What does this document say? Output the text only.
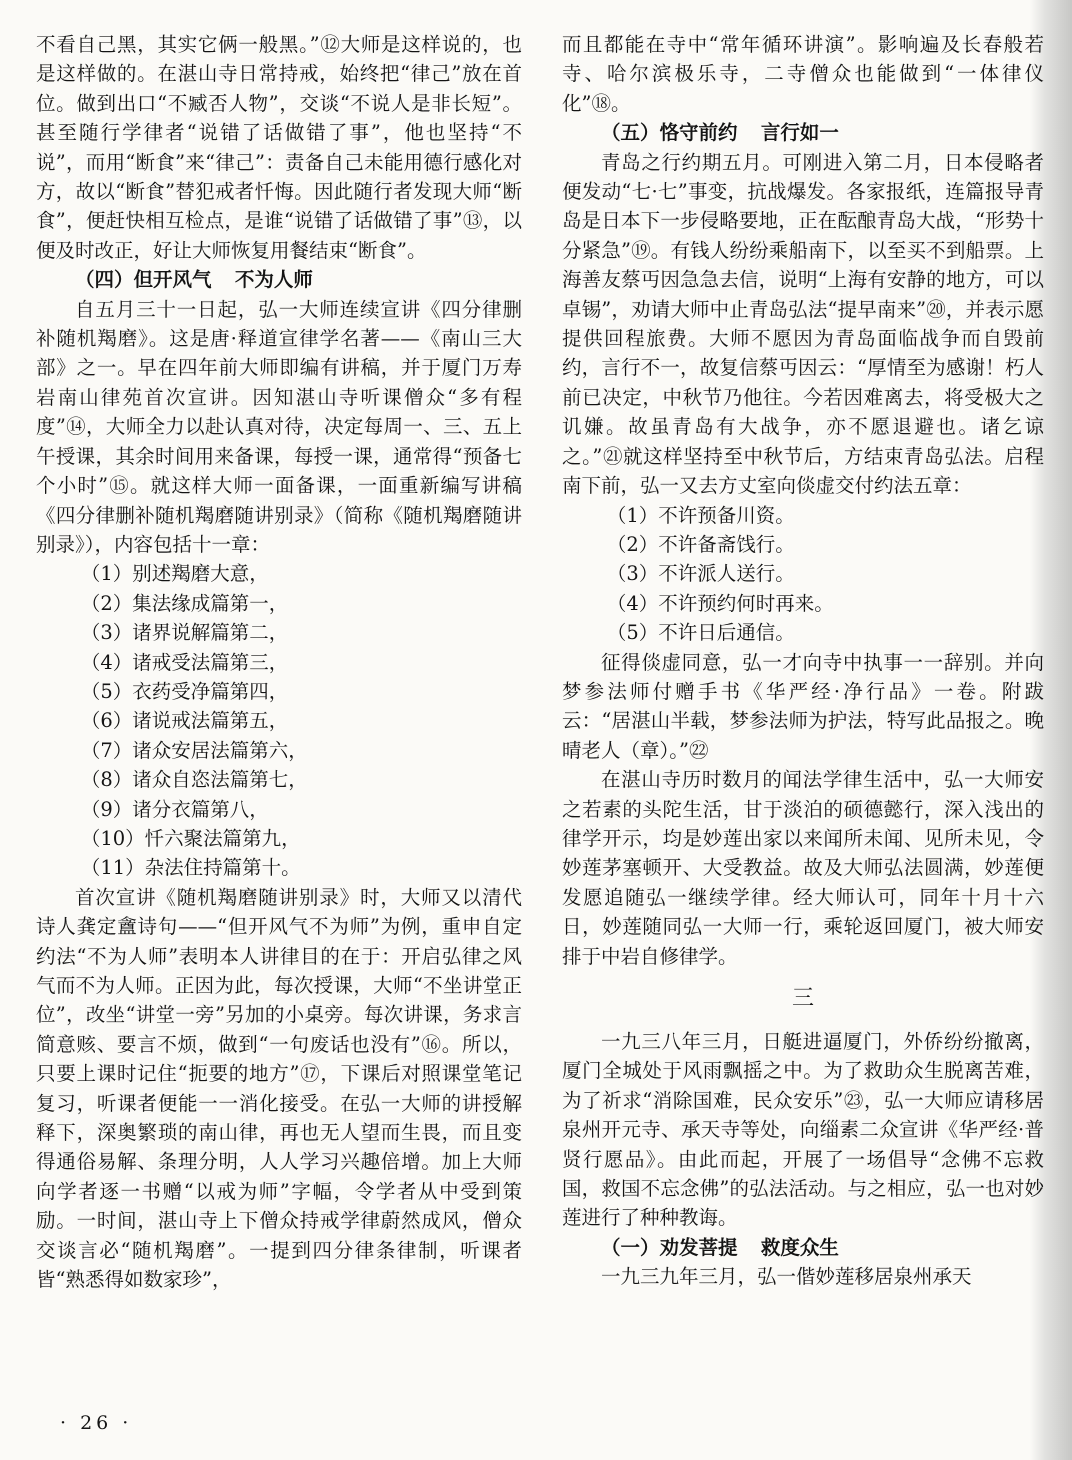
不看自己黑，其实它俩一般黑。”⑫大师是这样说的，也是这样做的。在湛山寺日常持戒，始终把“律己”放在首位。做到出口“不臧否人物”，交谈“不说人是非长短”。甚至随行学律者“说错了话做错了事”，他也坚持“不说”，而用“断食”来“律己”：责备自己未能用德行感化对方，故以“断食”替犯戒者忏悔。因此随行者发现大师“断食”，便赶快相互检点，是谁“说错了话做错了事”⑬，以便及时改正，好让大师恢复用餐结束“断食”。

（四）但开风气 不为人师

自五月三十一日起，弘一大师连续宣讲《四分律删补随机羯磨》。这是唐·释道宣律学名著——《南山三大部》之一。早在四年前大师即编有讲稿，并于厦门万寿岩南山律苑首次宣讲。因知湛山寺听课僧众“多有程度”⑭，大师全力以赴认真对待，决定每周一、三、五上午授课，其余时间用来备课，每授一课，通常得“预备七个小时”⑮。就这样大师一面备课，一面重新编写讲稿《四分律删补随机羯磨随讲别录》（简称《随机羯磨随讲别录》），内容包括十一章：

（1）别述羯磨大意，
（2）集法缘成篇第一，
（3）诸界说解篇第二，
（4）诸戒受法篇第三，
（5）衣药受净篇第四，
（6）诸说戒法篇第五，
（7）诸众安居法篇第六，
（8）诸众自恣法篇第七，
（9）诸分衣篇第八，
（10）忏六聚法篇第九，
（11）杂法住持篇第十。

首次宣讲《随机羯磨随讲别录》时，大师又以清代诗人龚定盦诗句——“但开风气不为师”为例，重申自定约法“不为人师”表明本人讲律目的在于：开启弘律之风气而不为人师。正因为此，每次授课，大师“不坐讲堂正位”，改坐“讲堂一旁”另加的小桌旁。每次讲课，务求言简意赅、要言不烦，做到“一句废话也没有”⑯。所以，只要上课时记住“扼要的地方”⑰，下课后对照课堂笔记复习，听课者便能一一消化接受。在弘一大师的讲授解释下，深奥繁琐的南山律，再也无人望而生畏，而且变得通俗易解、条理分明，人人学习兴趣倍增。加上大师向学者逐一书赠“以戒为师”字幅，令学者从中受到策励。一时间，湛山寺上下僧众持戒学律蔚然成风，僧众交谈言必“随机羯磨”。一提到四分律条律制，听课者皆“熟悉得如数家珍”，

而且都能在寺中“常年循环讲演”。影响遍及长春般若寺、哈尔滨极乐寺，二寺僧众也能做到“一体律仪化”⑱。

（五）恪守前约 言行如一

青岛之行约期五月。可刚进入第二月，日本侵略者便发动“七·七”事变，抗战爆发。各家报纸，连篇报导青岛是日本下一步侵略要地，正在酝酿青岛大战，“形势十分紧急”⑲。有钱人纷纷乘船南下，以至买不到船票。上海善友蔡丏因急急去信，说明“上海有安静的地方，可以卓锡”，劝请大师中止青岛弘法“提早南来”⑳，并表示愿提供回程旅费。大师不愿因为青岛面临战争而自毁前约，言行不一，故复信蔡丏因云：“厚情至为感谢！朽人前已决定，中秋节乃他往。今若因难离去，将受极大之讥嫌。故虽青岛有大战争，亦不愿退避也。诸乞谅之。”㉑就这样坚持至中秋节后，方结束青岛弘法。启程南下前，弘一又去方丈室向倓虚交付约法五章：

（1）不许预备川资。
（2）不许备斋饯行。
（3）不许派人送行。
（4）不许预约何时再来。
（5）不许日后通信。

征得倓虚同意，弘一才向寺中执事一一辞别。并向梦参法师付赠手书《华严经·净行品》一卷。附跋云：“居湛山半载，梦参法师为护法，特写此品报之。晚晴老人（章）。”㉒

在湛山寺历时数月的闻法学律生活中，弘一大师安之若素的头陀生活，甘于淡泊的硕德懿行，深入浅出的律学开示，均是妙莲出家以来闻所未闻、见所未见，令妙莲茅塞顿开、大受教益。故及大师弘法圆满，妙莲便发愿追随弘一继续学律。经大师认可，同年十月十六日，妙莲随同弘一大师一行，乘轮返回厦门，被大师安排于中岩自修律学。

三

一九三八年三月，日艇进逼厦门，外侨纷纷撤离，厦门全城处于风雨飘摇之中。为了救助众生脱离苦难，为了祈求“消除国难，民众安乐”㉓，弘一大师应请移居泉州开元寺、承天寺等处，向缁素二众宣讲《华严经·普贤行愿品》。由此而起，开展了一场倡导“念佛不忘救国，救国不忘念佛”的弘法活动。与之相应，弘一也对妙莲进行了种种教诲。

（一）劝发菩提 救度众生

一九三九年三月，弘一偕妙莲移居泉州承天

· 26 ·
